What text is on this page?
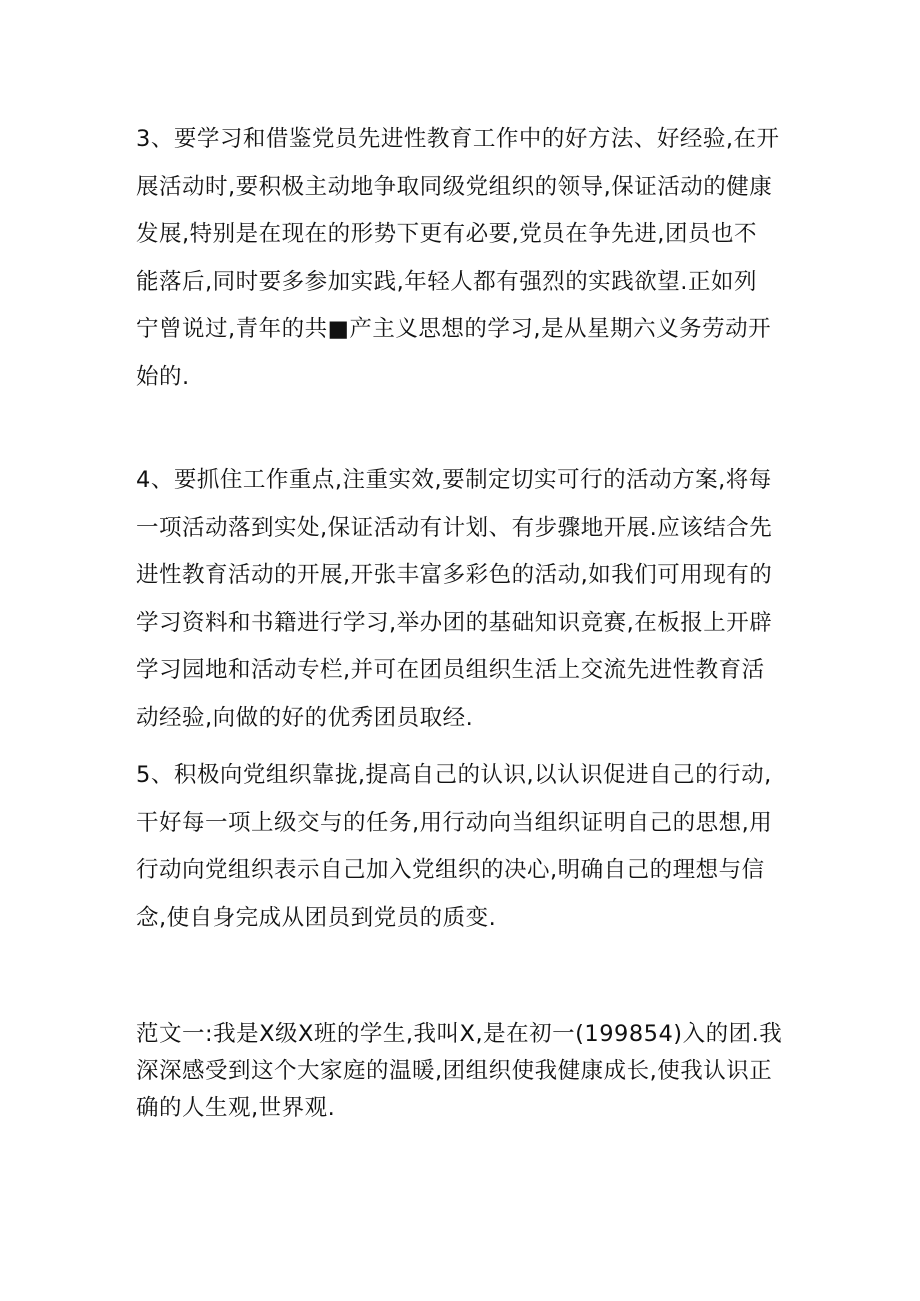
3、要学习和借鉴党员先进性教育工作中的好方法、好经验,在开
展活动时,要积极主动地争取同级党组织的领导,保证活动的健康
发展,特别是在现在的形势下更有必要,党员在争先进,团员也不
能落后,同时要多参加实践,年轻人都有强烈的实践欲望.正如列
宁曾说过,青年的共■产主义思想的学习,是从星期六义务劳动开
始的.

4、要抓住工作重点,注重实效,要制定切实可行的活动方案,将每
一项活动落到实处,保证活动有计划、有步骤地开展.应该结合先
进性教育活动的开展,开张丰富多彩色的活动,如我们可用现有的
学习资料和书籍进行学习,举办团的基础知识竞赛,在板报上开辟
学习园地和活动专栏,并可在团员组织生活上交流先进性教育活
动经验,向做的好的优秀团员取经.

5、积极向党组织靠拢,提高自己的认识,以认识促进自己的行动,
干好每一项上级交与的任务,用行动向当组织证明自己的思想,用
行动向党组织表示自己加入党组织的决心,明确自己的理想与信
念,使自身完成从团员到党员的质变.

范文一:我是X级X班的学生,我叫X,是在初一(199854)入的团.我
深深感受到这个大家庭的温暖,团组织使我健康成长,使我认识正
确的人生观,世界观.
